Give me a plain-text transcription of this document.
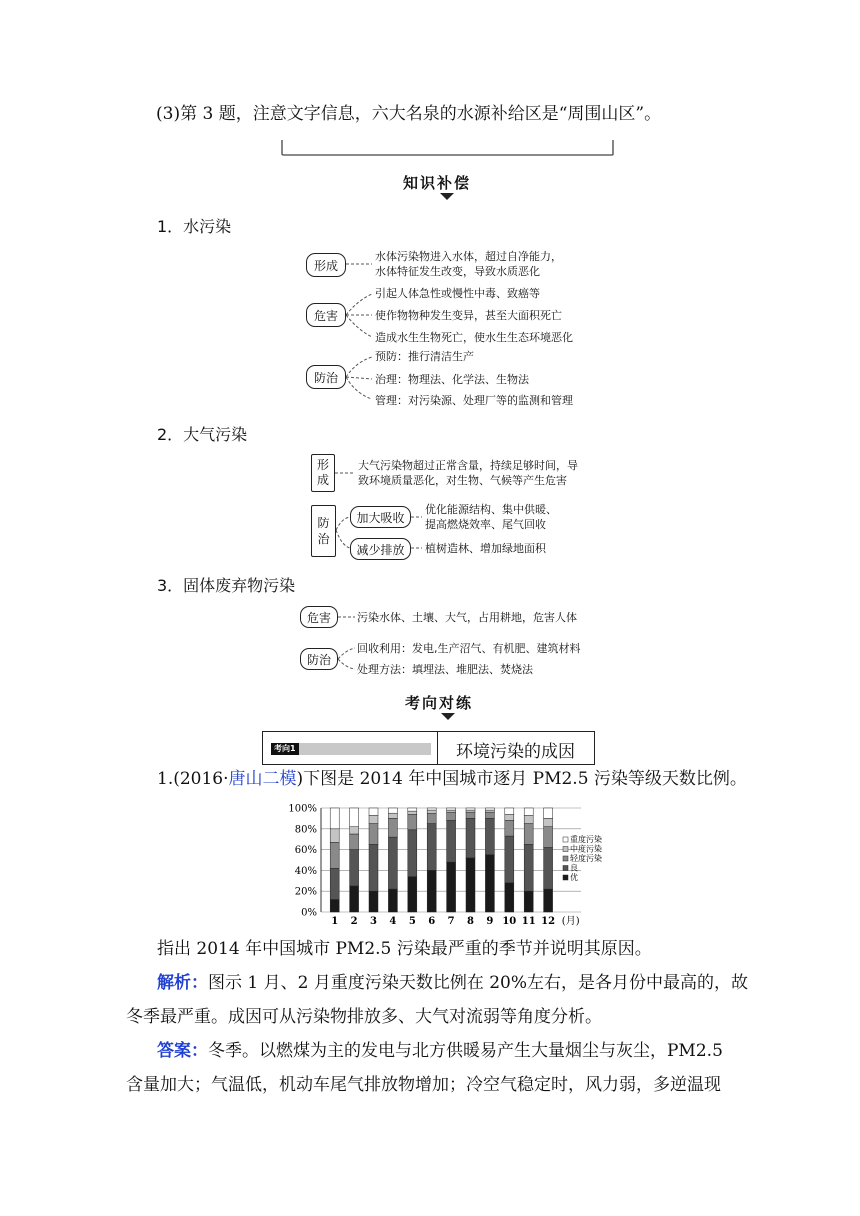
(3)第 3 题，注意文字信息，六大名泉的水源补给区是“周围山区”。
知识补偿
1．水污染
形成
水体污染物进入水体，超过自净能力，
水体特征发生改变，导致水质恶化
危害
引起人体急性或慢性中毒、致癌等
使作物物种发生变异，甚至大面积死亡
造成水生生物死亡，使水生生态环境恶化
防治
预防：推行清洁生产
治理：物理法、化学法、生物法
管理：对污染源、处理厂等的监测和管理
2．大气污染
形
成
大气污染物超过正常含量，持续足够时间，导
致环境质量恶化，对生物、气候等产生危害
防
治
加大吸收
优化能源结构、集中供暖、
提高燃烧效率、尾气回收
减少排放	植树造林、增加绿地面积
3．固体废弃物污染
危害	污染水体、土壤、大气，占用耕地，危害人体
防治
回收利用：发电,生产沼气、有机肥、建筑材料
处理方法：填埋法、堆肥法、焚烧法
考向对练
考向1	环境污染的成因
1.(2016·唐山二模)下图是 2014 年中国城市逐月 PM2.5 污染等级天数比例。
0%
20%
40%
60%
80%
100%
1 2 3 4 5 6 7 8 9 10 11 12 (月)
重度污染
中度污染
轻度污染
良
优
指出 2014 年中国城市 PM2.5 污染最严重的季节并说明其原因。
解析：图示 1 月、2 月重度污染天数比例在 20%左右，是各月份中最高的，故
冬季最严重。成因可从污染物排放多、大气对流弱等角度分析。
答案：冬季。以燃煤为主的发电与北方供暖易产生大量烟尘与灰尘，PM2.5
含量加大；气温低，机动车尾气排放物增加；冷空气稳定时，风力弱，多逆温现
